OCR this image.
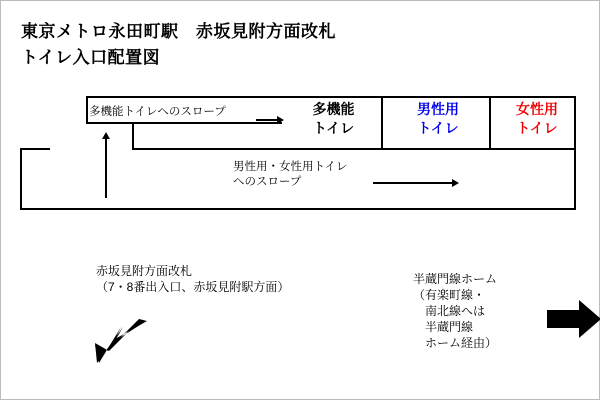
東京メトロ永田町駅　赤坂見附方面改札
トイレ入口配置図
多機能
トイレ
男性用
トイレ
女性用
トイレ
多機能トイレへのスロープ
男性用・女性用トイレ
へのスロープ
赤坂見附方面改札
（7・8番出入口、赤坂見附駅方面）
半蔵門線ホーム
（有楽町線・
　南北線へは
　半蔵門線
　ホーム経由）
